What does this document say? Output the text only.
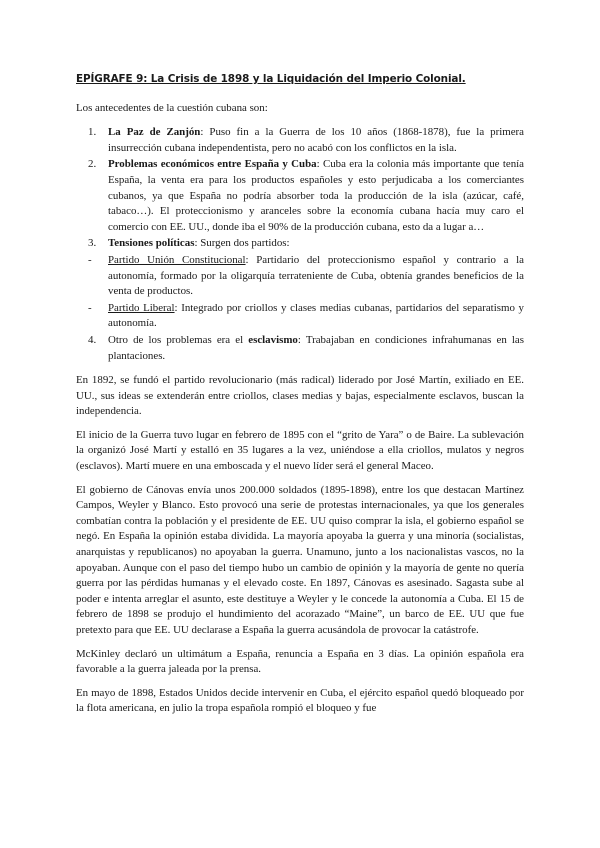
EPÍGRAFE 9: La Crisis de 1898 y la Liquidación del Imperio Colonial.

Los antecedentes de la cuestión cubana son:

1. La Paz de Zanjón: Puso fin a la Guerra de los 10 años (1868-1878), fue la primera insurrección cubana independentista, pero no acabó con los conflictos en la isla.
2. Problemas económicos entre España y Cuba: Cuba era la colonia más importante que tenía España, la venta era para los productos españoles y esto perjudicaba a los comerciantes cubanos, ya que España no podría absorber toda la producción de la isla (azúcar, café, tabaco…). El proteccionismo y aranceles sobre la economía cubana hacía muy caro el comercio con EE. UU., donde iba el 90% de la producción cubana, esto da a lugar a…
3. Tensiones políticas: Surgen dos partidos:
- Partido Unión Constitucional: Partidario del proteccionismo español y contrario a la autonomía, formado por la oligarquía terrateniente de Cuba, obtenía grandes beneficios de la venta de productos.
- Partido Liberal: Integrado por criollos y clases medias cubanas, partidarios del separatismo y autonomía.
4. Otro de los problemas era el esclavismo: Trabajaban en condiciones infrahumanas en las plantaciones.

En 1892, se fundó el partido revolucionario (más radical) liderado por José Martín, exiliado en EE. UU., sus ideas se extenderán entre criollos, clases medias y bajas, especialmente esclavos, buscan la independencia.

El inicio de la Guerra tuvo lugar en febrero de 1895 con el “grito de Yara” o de Baire. La sublevación la organizó José Martí y estalló en 35 lugares a la vez, uniéndose a ella criollos, mulatos y negros (esclavos). Martí muere en una emboscada y el nuevo líder será el general Maceo.

El gobierno de Cánovas envía unos 200.000 soldados (1895-1898), entre los que destacan Martínez Campos, Weyler y Blanco. Esto provocó una serie de protestas internacionales, ya que los generales combatían contra la población y el presidente de EE. UU quiso comprar la isla, el gobierno español se negó. En España la opinión estaba dividida. La mayoría apoyaba la guerra y una minoría (socialistas, anarquistas y republicanos) no apoyaban la guerra. Unamuno, junto a los nacionalistas vascos, no la apoyaban. Aunque con el paso del tiempo hubo un cambio de opinión y la mayoría de gente no quería guerra por las pérdidas humanas y el elevado coste. En 1897, Cánovas es asesinado. Sagasta sube al poder e intenta arreglar el asunto, este destituye a Weyler y le concede la autonomía a Cuba. El 15 de febrero de 1898 se produjo el hundimiento del acorazado “Maine”, un barco de EE. UU que fue pretexto para que EE. UU declarase a España la guerra acusándola de provocar la catástrofe.

McKinley declaró un ultimátum a España, renuncia a España en 3 días. La opinión española era favorable a la guerra jaleada por la prensa.

En mayo de 1898, Estados Unidos decide intervenir en Cuba, el ejército español quedó bloqueado por la flota americana, en julio la tropa española rompió el bloqueo y fue
